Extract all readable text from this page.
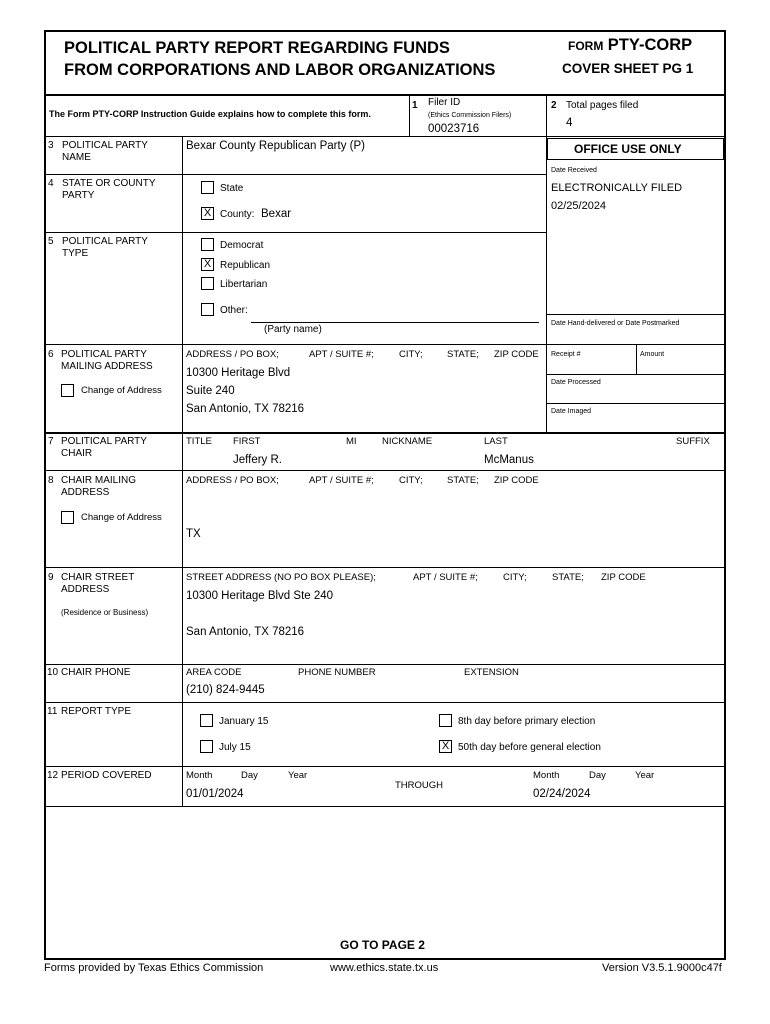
POLITICAL PARTY REPORT REGARDING FUNDS
FROM CORPORATIONS AND LABOR ORGANIZATIONS
FORM PTY-CORP
COVER SHEET PG 1
The Form PTY-CORP Instruction Guide explains how to complete this form.
1 Filer ID
(Ethics Commission Filers)
00023716
2 Total pages filed
4
3 POLITICAL PARTY
NAME
Bexar County Republican Party (P)
4 STATE OR COUNTY
PARTY
State
X County: Bexar
5 POLITICAL PARTY
TYPE
Democrat
X Republican
Libertarian
Other:
(Party name)
OFFICE USE ONLY
Date Received
ELECTRONICALLY FILED
02/25/2024
Date Hand-delivered or Date Postmarked
Receipt #	Amount
Date Processed
Date Imaged
6 POLITICAL PARTY
MAILING ADDRESS
Change of Address
ADDRESS / PO BOX;	APT / SUITE #;	CITY;	STATE; ZIP CODE
10300 Heritage Blvd
Suite 240
San Antonio, TX 78216
7 POLITICAL PARTY
CHAIR
TITLE FIRST	MI	NICKNAME	LAST	SUFFIX
Jeffery R.	McManus
8 CHAIR MAILING
ADDRESS
Change of Address
ADDRESS / PO BOX;	APT / SUITE #;	CITY;	STATE; ZIP CODE
TX
9 CHAIR STREET
ADDRESS
(Residence or Business)
STREET ADDRESS (NO PO BOX PLEASE);	APT / SUITE #;	CITY;	STATE; ZIP CODE
10300 Heritage Blvd Ste 240
San Antonio, TX 78216
10 CHAIR PHONE	AREA CODE	PHONE NUMBER	EXTENSION
(210) 824-9445
11 REPORT TYPE
January 15
July 15
8th day before primary election
X 50th day before general election
12 PERIOD COVERED	Month	Day	Year
THROUGH
Month	Day	Year
01/01/2024	02/24/2024
GO TO PAGE 2
Forms provided by Texas Ethics Commission	www.ethics.state.tx.us	Version V3.5.1.9000c47f
